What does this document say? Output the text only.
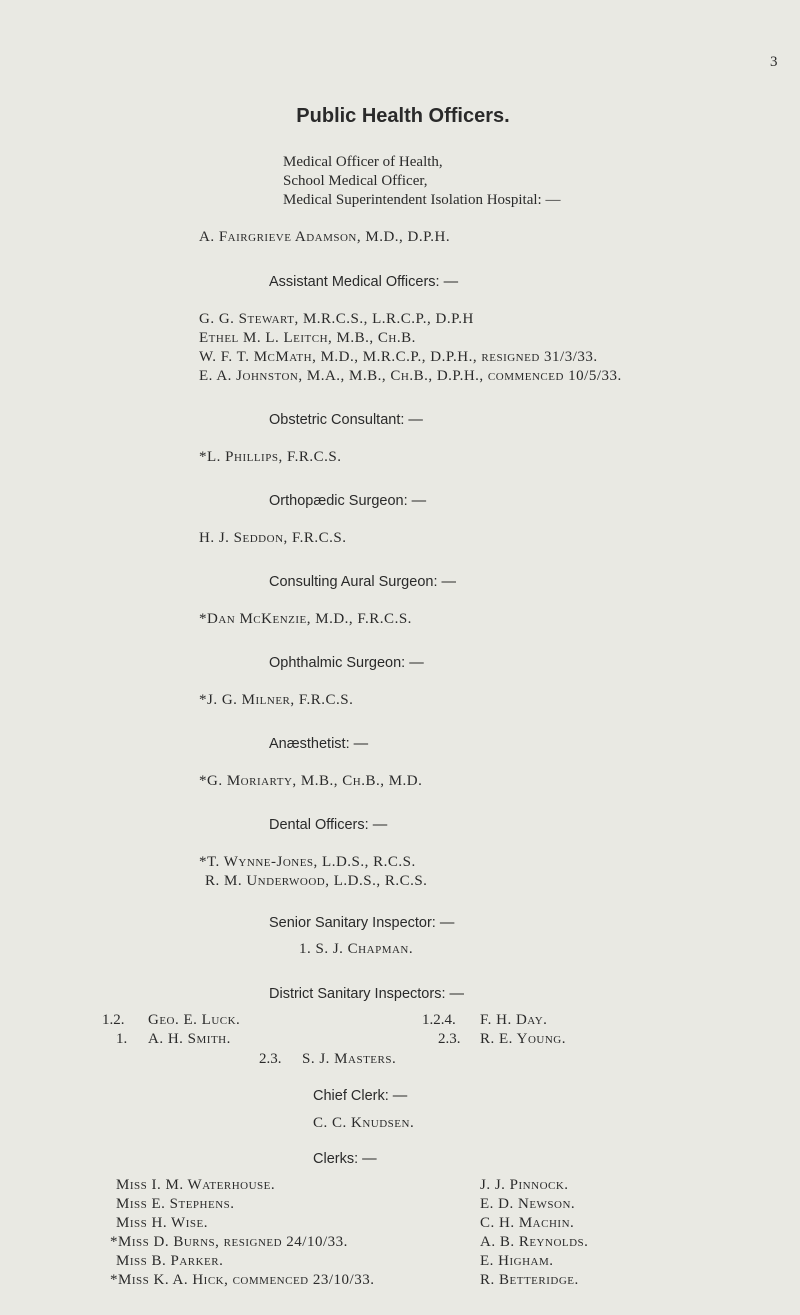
3
Public Health Officers.
Medical Officer of Health,
School Medical Officer,
Medical Superintendent Isolation Hospital: —
A. Fairgrieve Adamson, M.D., D.P.H.
Assistant Medical Officers: —
G. G. Stewart, M.R.C.S., L.R.C.P., D.P.H
Ethel M. L. Leitch, M.B., Ch.B.
W. F. T. McMath, M.D., M.R.C.P., D.P.H., resigned 31/3/33.
E. A. Johnston, M.A., M.B., Ch.B., D.P.H., commenced 10/5/33.
Obstetric Consultant: —
*L. Phillips, F.R.C.S.
Orthopædic Surgeon: —
H. J. Seddon, F.R.C.S.
Consulting Aural Surgeon: —
*Dan McKenzie, M.D., F.R.C.S.
Ophthalmic Surgeon: —
*J. G. Milner, F.R.C.S.
Anæsthetist: —
*G. Moriarty, M.B., Ch.B., M.D.
Dental Officers: —
*T. Wynne-Jones, L.D.S., R.C.S.
R. M. Underwood, L.D.S., R.C.S.
Senior Sanitary Inspector: —
1. S. J. Chapman.
District Sanitary Inspectors: —
1.2. Geo. E. Luck.	1.2.4. F. H. Day.
1. A. H. Smith.	2.3. R. E. Young.
2.3. S. J. Masters.
Chief Clerk: —
C. C. Knudsen.
Clerks: —
Miss I. M. Waterhouse.
Miss E. Stephens.
Miss H. Wise.
*Miss D. Burns, resigned 24/10/33.
Miss B. Parker.
*Miss K. A. Hick, commenced 23/10/33.
J. J. Pinnock.
E. D. Newson.
C. H. Machin.
A. B. Reynolds.
E. Higham.
R. Betteridge.
